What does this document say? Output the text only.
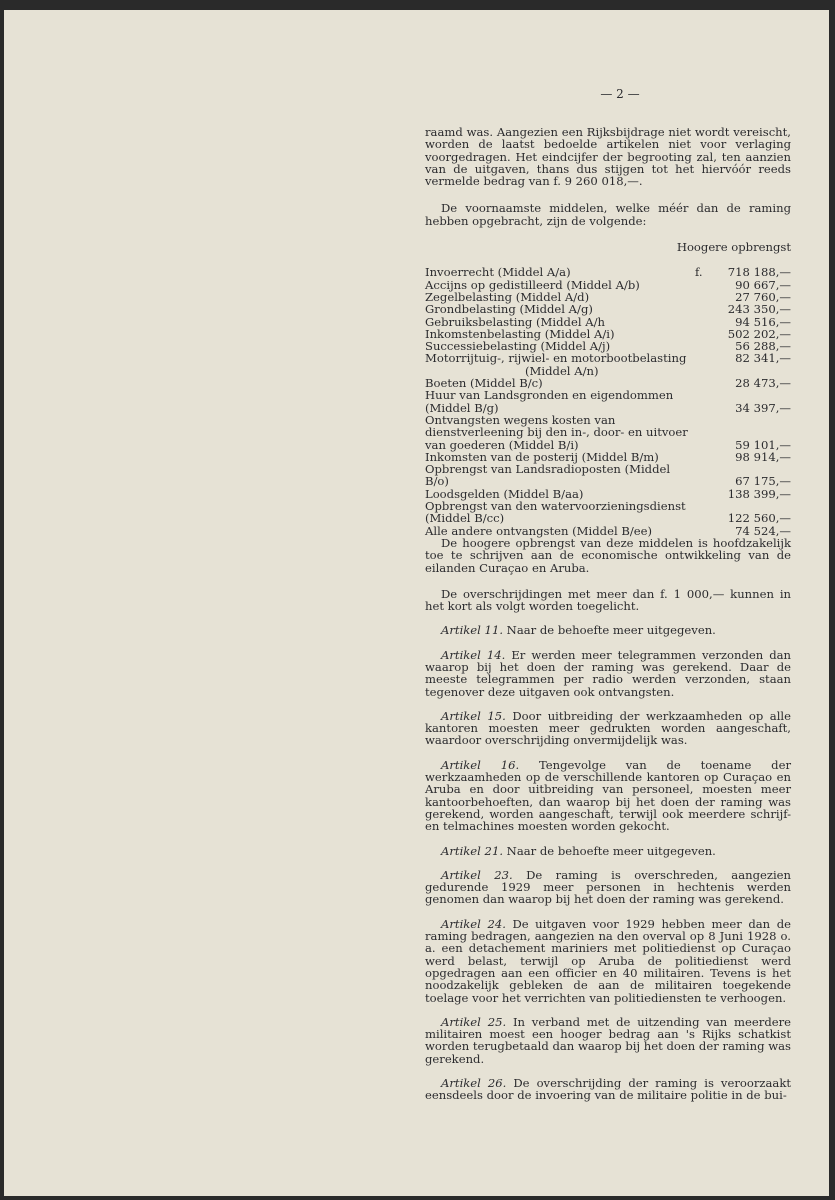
— 2 —

raamd was. Aangezien een Rijksbijdrage niet wordt vereischt, worden de laatst bedoelde artikelen niet voor verlaging voorgedragen. Het eindcijfer der begrooting zal, ten aanzien van de uitgaven, thans dus stijgen tot het hiervóór reeds vermelde bedrag van f. 9 260 018,—.

De voornaamste middelen, welke méér dan de raming hebben opgebracht, zijn de volgende:

Hoogere opbrengst
Invoerrecht (Middel A/a)	f.	718 188,—
Accijns op gedistilleerd (Middel A/b)		90 667,—
Zegelbelasting (Middel A/d)		27 760,—
Grondbelasting (Middel A/g)		243 350,—
Gebruiksbelasting (Middel A/h		94 516,—
Inkomstenbelasting (Middel A/i)		502 202,—
Successiebelasting (Middel A/j)		56 288,—
Motorrijtuig-, rijwiel- en motorbootbelasting
(Middel A/n)		82 341,—
Boeten (Middel B/c)		28 473,—
Huur van Landsgronden en eigendommen (Middel B/g)		34 397,—
Ontvangsten wegens kosten van dienstverleening bij den in-, door- en uitvoer van goederen (Middel B/i)		59 101,—
Inkomsten van de posterij (Middel B/m)		98 914,—
Opbrengst van Landsradioposten (Middel B/o)		67 175,—
Loodsgelden (Middel B/aa)		138 399,—
Opbrengst van den watervoorzieningsdienst (Middel B/cc)		122 560,—
Alle andere ontvangsten (Middel B/ee)		74 524,—

De hoogere opbrengst van deze middelen is hoofdzakelijk toe te schrijven aan de economische ontwikkeling van de eilanden Curaçao en Aruba.

De overschrijdingen met meer dan f. 1 000,— kunnen in het kort als volgt worden toegelicht.

Artikel 11. Naar de behoefte meer uitgegeven.

Artikel 14. Er werden meer telegrammen verzonden dan waarop bij het doen der raming was gerekend. Daar de meeste telegrammen per radio werden verzonden, staan tegenover deze uitgaven ook ontvangsten.

Artikel 15. Door uitbreiding der werkzaamheden op alle kantoren moesten meer gedrukten worden aangeschaft, waardoor overschrijding onvermijdelijk was.

Artikel 16. Tengevolge van de toename der werkzaamheden op de verschillende kantoren op Curaçao en Aruba en door uitbreiding van personeel, moesten meer kantoorbehoeften, dan waarop bij het doen der raming was gerekend, worden aangeschaft, terwijl ook meerdere schrijf- en telmachines moesten worden gekocht.

Artikel 21. Naar de behoefte meer uitgegeven.

Artikel 23. De raming is overschreden, aangezien gedurende 1929 meer personen in hechtenis werden genomen dan waarop bij het doen der raming was gerekend.

Artikel 24. De uitgaven voor 1929 hebben meer dan de raming bedragen, aangezien na den overval op 8 Juni 1928 o. a. een detachement mariniers met politiedienst op Curaçao werd belast, terwijl op Aruba de politiedienst werd opgedragen aan een officier en 40 militairen. Tevens is het noodzakelijk gebleken de aan de militairen toegekende toelage voor het verrichten van politiediensten te verhoogen.

Artikel 25. In verband met de uitzending van meerdere militairen moest een hooger bedrag aan 's Rijks schatkist worden terugbetaald dan waarop bij het doen der raming was gerekend.

Artikel 26. De overschrijding der raming is veroorzaakt eensdeels door de invoering van de militaire politie in de bui-
